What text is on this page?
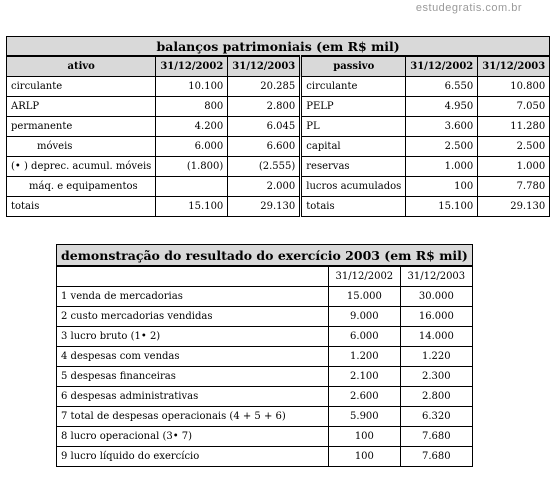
estudegratis.com.br
balanços patrimoniais (em R$ mil)					
ativo	31/12/2002	31/12/2003	passivo	31/12/2002	31/12/2003
circulante	10.100	20.285	circulante	6.550	10.800
ARLP	800	2.800	PELP	4.950	7.050
permanente	4.200	6.045	PL	3.600	11.280
móveis	6.000	6.600	capital	2.500	2.500
(• ) deprec. acumul. móveis	(1.800)	(2.555)	reservas	1.000	1.000
máq. e equipamentos		2.000	lucros acumulados	100	7.780
totais	15.100	29.130	totais	15.100	29.130
demonstração do resultado do exercício 2003 (em R$ mil)		
	31/12/2002	31/12/2003
1 venda de mercadorias	15.000	30.000
2 custo mercadorias vendidas	9.000	16.000
3 lucro bruto (1• 2)	6.000	14.000
4 despesas com vendas	1.200	1.220
5 despesas financeiras	2.100	2.300
6 despesas administrativas	2.600	2.800
7 total de despesas operacionais (4 + 5 + 6)	5.900	6.320
8 lucro operacional (3• 7)	100	7.680
9 lucro líquido do exercício	100	7.680
